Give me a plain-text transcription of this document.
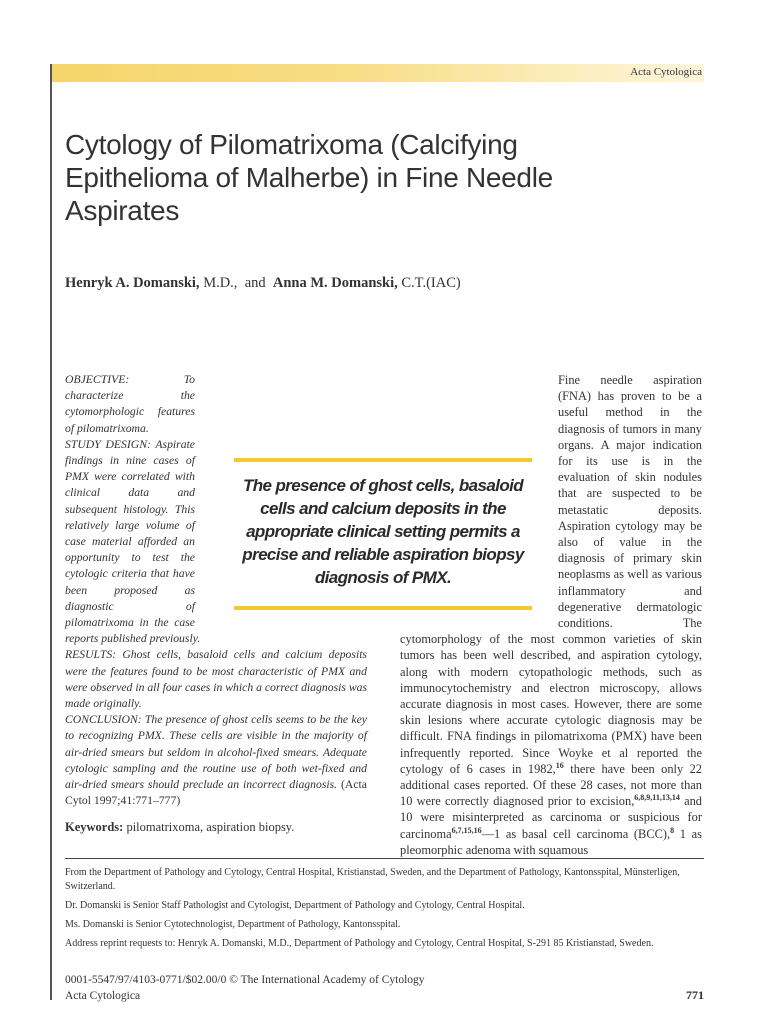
Acta Cytologica
Cytology of Pilomatrixoma (Calcifying Epithelioma of Malherbe) in Fine Needle Aspirates
Henryk A. Domanski, M.D., and Anna M. Domanski, C.T.(IAC)

OBJECTIVE: To characterize the cytomorphologic features of pilomatrixoma.

STUDY DESIGN: Aspirate findings in nine cases of PMX were correlated with clinical data and subsequent histology. This relatively large volume of case material afforded an opportunity to test the cytologic criteria that have been proposed as diagnostic of pilomatrixoma in the case reports published previously.

RESULTS: Ghost cells, basaloid cells and calcium deposits were the features found to be most characteristic of PMX and were observed in all four cases in which a correct diagnosis was made originally.

CONCLUSION: The presence of ghost cells seems to be the key to recognizing PMX. These cells are visible in the majority of air-dried smears but seldom in alcohol-fixed smears. Adequate cytologic sampling and the routine use of both wet-fixed and air-dried smears should preclude an incorrect diagnosis. (Acta Cytol 1997;41:771–777)

Keywords: pilomatrixoma, aspiration biopsy.

Fine needle aspiration (FNA) has proven to be a useful method in the diagnosis of tumors in many organs. A major indication for its use is in the evaluation of skin nodules that are suspected to be metastatic deposits. Aspiration cytology may be also of value in the diagnosis of primary skin neoplasms as well as various inflammatory and degenerative dermatologic conditions. The cytomorphology of the most common varieties of skin tumors has been well described, and aspiration cytology, along with modern cytopathologic methods, such as immunocytochemistry and electron microscopy, allows accurate diagnosis in most cases. However, there are some skin lesions where accurate cytologic diagnosis may be difficult. FNA findings in pilomatrixoma (PMX) have been infrequently reported. Since Woyke et al reported the cytology of 6 cases in 1982,16 there have been only 22 additional cases reported. Of these 28 cases, not more than 10 were correctly diagnosed prior to excision,$^{6,8,9,11,13,14}$ and 10 were misinterpreted as carcinoma or suspicious for carcinoma$^{6,7,15,16}$—1 as basal cell carcinoma (BCC),$^8$ 1 as pleomorphic adenoma with squamous
The presence of ghost cells, basaloid cells and calcium deposits in the appropriate clinical setting permits a precise and reliable aspiration biopsy diagnosis of PMX.

From the Department of Pathology and Cytology, Central Hospital, Kristianstad, Sweden, and the Department of Pathology, Kantonsspital, Münsterligen, Switzerland.

Dr. Domanski is Senior Staff Pathologist and Cytologist, Department of Pathology and Cytology, Central Hospital.

Ms. Domanski is Senior Cytotechnologist, Department of Pathology, Kantonsspital.

Address reprint requests to: Henryk A. Domanski, M.D., Department of Pathology and Cytology, Central Hospital, S-291 85 Kristianstad, Sweden.

0001-5547/97/4103-0771/$02.00/0 © The International Academy of Cytology
Acta Cytologica	771
